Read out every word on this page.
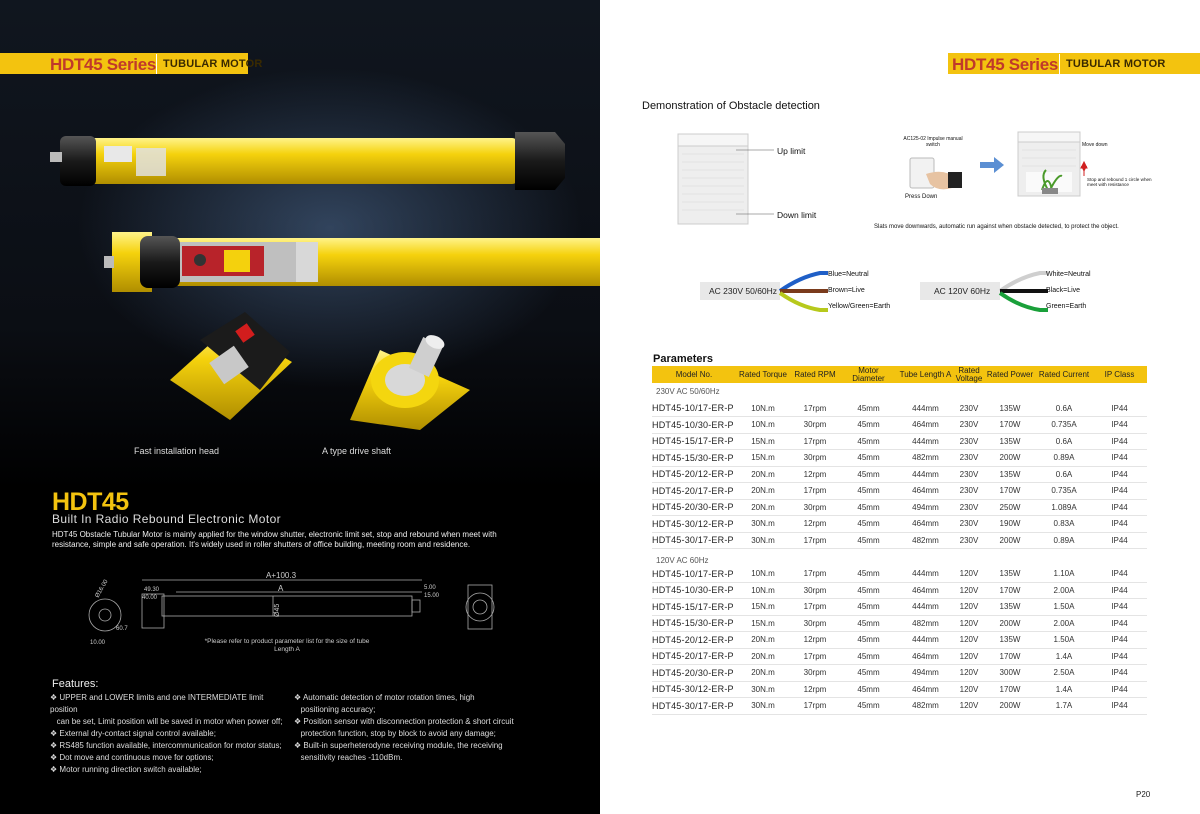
HDT45 Series TUBULAR MOTOR
Fast installation head	A type drive shaft
HDT45
Built In Radio Rebound Electronic Motor
HDT45 Obstacle Tubular Motor is mainly applied for the window shutter, electronic limit set, stop and rebound when meet with resistance, simple and safe operation. It's widely used in roller shutters of office building, meeting room and residence.
A+100.3
A
49.30
40.00
5.00
15.00
Ø45
Ø16.00
10.00
60.7
*Please refer to product parameter list for the size of tube Length A
Features:
❖ UPPER and LOWER limits and one INTERMEDIATE limit position
can be set, Limit position will be saved in motor when power off;
❖ External dry-contact signal control available;
❖ RS485 function available, intercommunication for motor status;
❖ Dot move and continuous move for options;
❖ Motor running direction switch available;
❖ Automatic detection of motor rotation times, high
positioning accuracy;
❖ Position sensor with disconnection protection & short circuit
protection function, stop by block to avoid any damage;
❖ Built-in superheterodyne receiving module, the receiving
sensitivity reaches -110dBm.
HDT45 Series TUBULAR MOTOR
Demonstration of Obstacle detection
Up limit
Down limit
AC125-02 Impulse manual switch
Press Down
Move down
Stop and rebound 1 circle when meet with resistance
Slats move downwards, automatic run against when obstacle detected, to protect the object.
AC 230V 50/60Hz	AC 120V 60Hz
Blue=Neutral
Brown=Live
Yellow/Green=Earth
White=Neutral
Black=Live
Green=Earth
Parameters
Model No.	Rated Torque	Rated RPM	Motor Diameter	Tube Length A	Rated Voltage	Rated Power	Rated Current	IP Class
230V AC 50/60Hz								
HDT45-10/17-ER-P	10N.m	17rpm	45mm	444mm	230V	135W	0.6A	IP44
HDT45-10/30-ER-P	10N.m	30rpm	45mm	464mm	230V	170W	0.735A	IP44
HDT45-15/17-ER-P	15N.m	17rpm	45mm	444mm	230V	135W	0.6A	IP44
HDT45-15/30-ER-P	15N.m	30rpm	45mm	482mm	230V	200W	0.89A	IP44
HDT45-20/12-ER-P	20N.m	12rpm	45mm	444mm	230V	135W	0.6A	IP44
HDT45-20/17-ER-P	20N.m	17rpm	45mm	464mm	230V	170W	0.735A	IP44
HDT45-20/30-ER-P	20N.m	30rpm	45mm	494mm	230V	250W	1.089A	IP44
HDT45-30/12-ER-P	30N.m	12rpm	45mm	464mm	230V	190W	0.83A	IP44
HDT45-30/17-ER-P	30N.m	17rpm	45mm	482mm	230V	200W	0.89A	IP44
120V AC 60Hz								
HDT45-10/17-ER-P	10N.m	17rpm	45mm	444mm	120V	135W	1.10A	IP44
HDT45-10/30-ER-P	10N.m	30rpm	45mm	464mm	120V	170W	2.00A	IP44
HDT45-15/17-ER-P	15N.m	17rpm	45mm	444mm	120V	135W	1.50A	IP44
HDT45-15/30-ER-P	15N.m	30rpm	45mm	482mm	120V	200W	2.00A	IP44
HDT45-20/12-ER-P	20N.m	12rpm	45mm	444mm	120V	135W	1.50A	IP44
HDT45-20/17-ER-P	20N.m	17rpm	45mm	464mm	120V	170W	1.4A	IP44
HDT45-20/30-ER-P	20N.m	30rpm	45mm	494mm	120V	300W	2.50A	IP44
HDT45-30/12-ER-P	30N.m	12rpm	45mm	464mm	120V	170W	1.4A	IP44
HDT45-30/17-ER-P	30N.m	17rpm	45mm	482mm	120V	200W	1.7A	IP44
P20
